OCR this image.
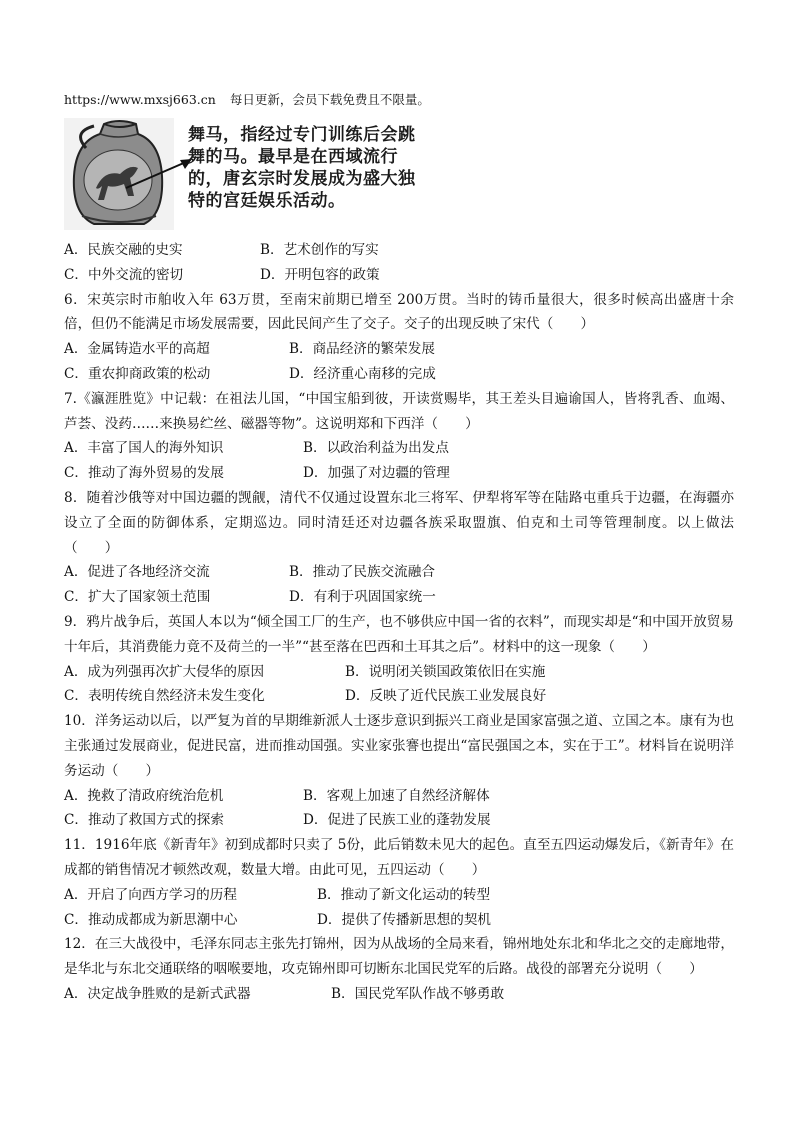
https://www.mxsj663.cn 每日更新，会员下载免费且不限量。
舞马，指经过专门训练后会跳舞的马。最早是在西域流行的，唐玄宗时发展成为盛大独特的宫廷娱乐活动。
A．民族交融的史实	B．艺术创作的写实
C．中外交流的密切	D．开明包容的政策

6．宋英宗时市舶收入年 63万贯，至南宋前期已增至 200万贯。当时的铸币量很大，很多时候高出盛唐十余倍，但仍不能满足市场发展需要，因此民间产生了交子。交子的出现反映了宋代（　　）

A．金属铸造水平的高超	B．商品经济的繁荣发展
C．重农抑商政策的松动	D．经济重心南移的完成

7.《瀛涯胜览》中记载：在祖法儿国，“中国宝船到彼，开读赏赐毕，其王差头目遍谕国人，皆将乳香、血竭、芦荟、没药……来换易纻丝、磁器等物”。这说明郑和下西洋（　　）

A．丰富了国人的海外知识	B．以政治利益为出发点
C．推动了海外贸易的发展	D．加强了对边疆的管理

8．随着沙俄等对中国边疆的觊觎，清代不仅通过设置东北三将军、伊犁将军等在陆路屯重兵于边疆，在海疆亦设立了全面的防御体系，定期巡边。同时清廷还对边疆各族采取盟旗、伯克和土司等管理制度。以上做法（　　）

A．促进了各地经济交流	B．推动了民族交流融合
C．扩大了国家领土范围	D．有利于巩固国家统一

9．鸦片战争后，英国人本以为“倾全国工厂的生产，也不够供应中国一省的衣料”，而现实却是“和中国开放贸易十年后，其消费能力竟不及荷兰的一半”“甚至落在巴西和土耳其之后”。材料中的这一现象（　　）

A．成为列强再次扩大侵华的原因	B．说明闭关锁国政策依旧在实施
C．表明传统自然经济未发生变化	D．反映了近代民族工业发展良好

10．洋务运动以后，以严复为首的早期维新派人士逐步意识到振兴工商业是国家富强之道、立国之本。康有为也主张通过发展商业，促进民富，进而推动国强。实业家张謇也提出“富民强国之本，实在于工”。材料旨在说明洋务运动（　　）

A．挽救了清政府统治危机	B．客观上加速了自然经济解体
C．推动了救国方式的探索	D．促进了民族工业的蓬勃发展

11．1916年底《新青年》初到成都时只卖了 5份，此后销数未见大的起色。直至五四运动爆发后，《新青年》在成都的销售情况才顿然改观，数量大增。由此可见，五四运动（　　）

A．开启了向西方学习的历程	B．推动了新文化运动的转型
C．推动成都成为新思潮中心	D．提供了传播新思想的契机

12．在三大战役中，毛泽东同志主张先打锦州，因为从战场的全局来看，锦州地处东北和华北之交的走廊地带，是华北与东北交通联络的咽喉要地，攻克锦州即可切断东北国民党军的后路。战役的部署充分说明（　　）

A．决定战争胜败的是新式武器	B．国民党军队作战不够勇敢
